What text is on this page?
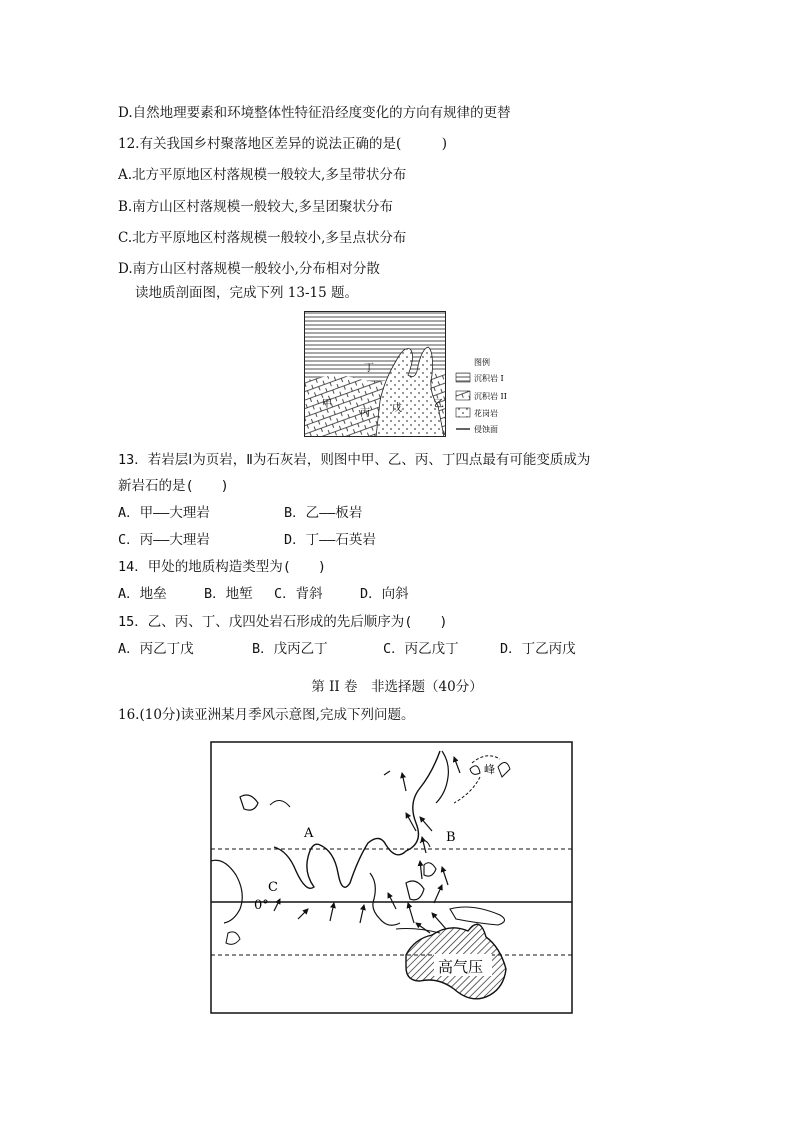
D.自然地理要素和环境整体性特征沿经度变化的方向有规律的更替
12.有关我国乡村聚落地区差异的说法正确的是(　　　)
A.北方平原地区村落规模一般较大,多呈带状分布
B.南方山区村落规模一般较大,多呈团聚状分布
C.北方平原地区村落规模一般较小,多呈点状分布
D.南方山区村落规模一般较小,分布相对分散
读地质剖面图，完成下列 13-15 题。
丁
甲
丙 戊	乙
图例
沉积岩 I
沉积岩 II
花岗岩
侵蚀面
13．若岩层Ⅰ为页岩，Ⅱ为石灰岩，则图中甲、乙、丙、丁四点最有可能变质成为
新岩石的是(　　)
A．甲——大理岩	B．乙——板岩
C．丙——大理岩	D．丁——石英岩
14．甲处的地质构造类型为(　　)
A．地垒	B．地堑 C．背斜	D．向斜
15．乙、丙、丁、戊四处岩石形成的先后顺序为(　　)
A．丙乙丁戊	B．戊丙乙丁	C．丙乙戊丁	D．丁乙丙戊
第 II 卷　非选择题（40分）
16.(10分)读亚洲某月季风示意图,完成下列问题。
高气压
A	B
C
0°
峰
